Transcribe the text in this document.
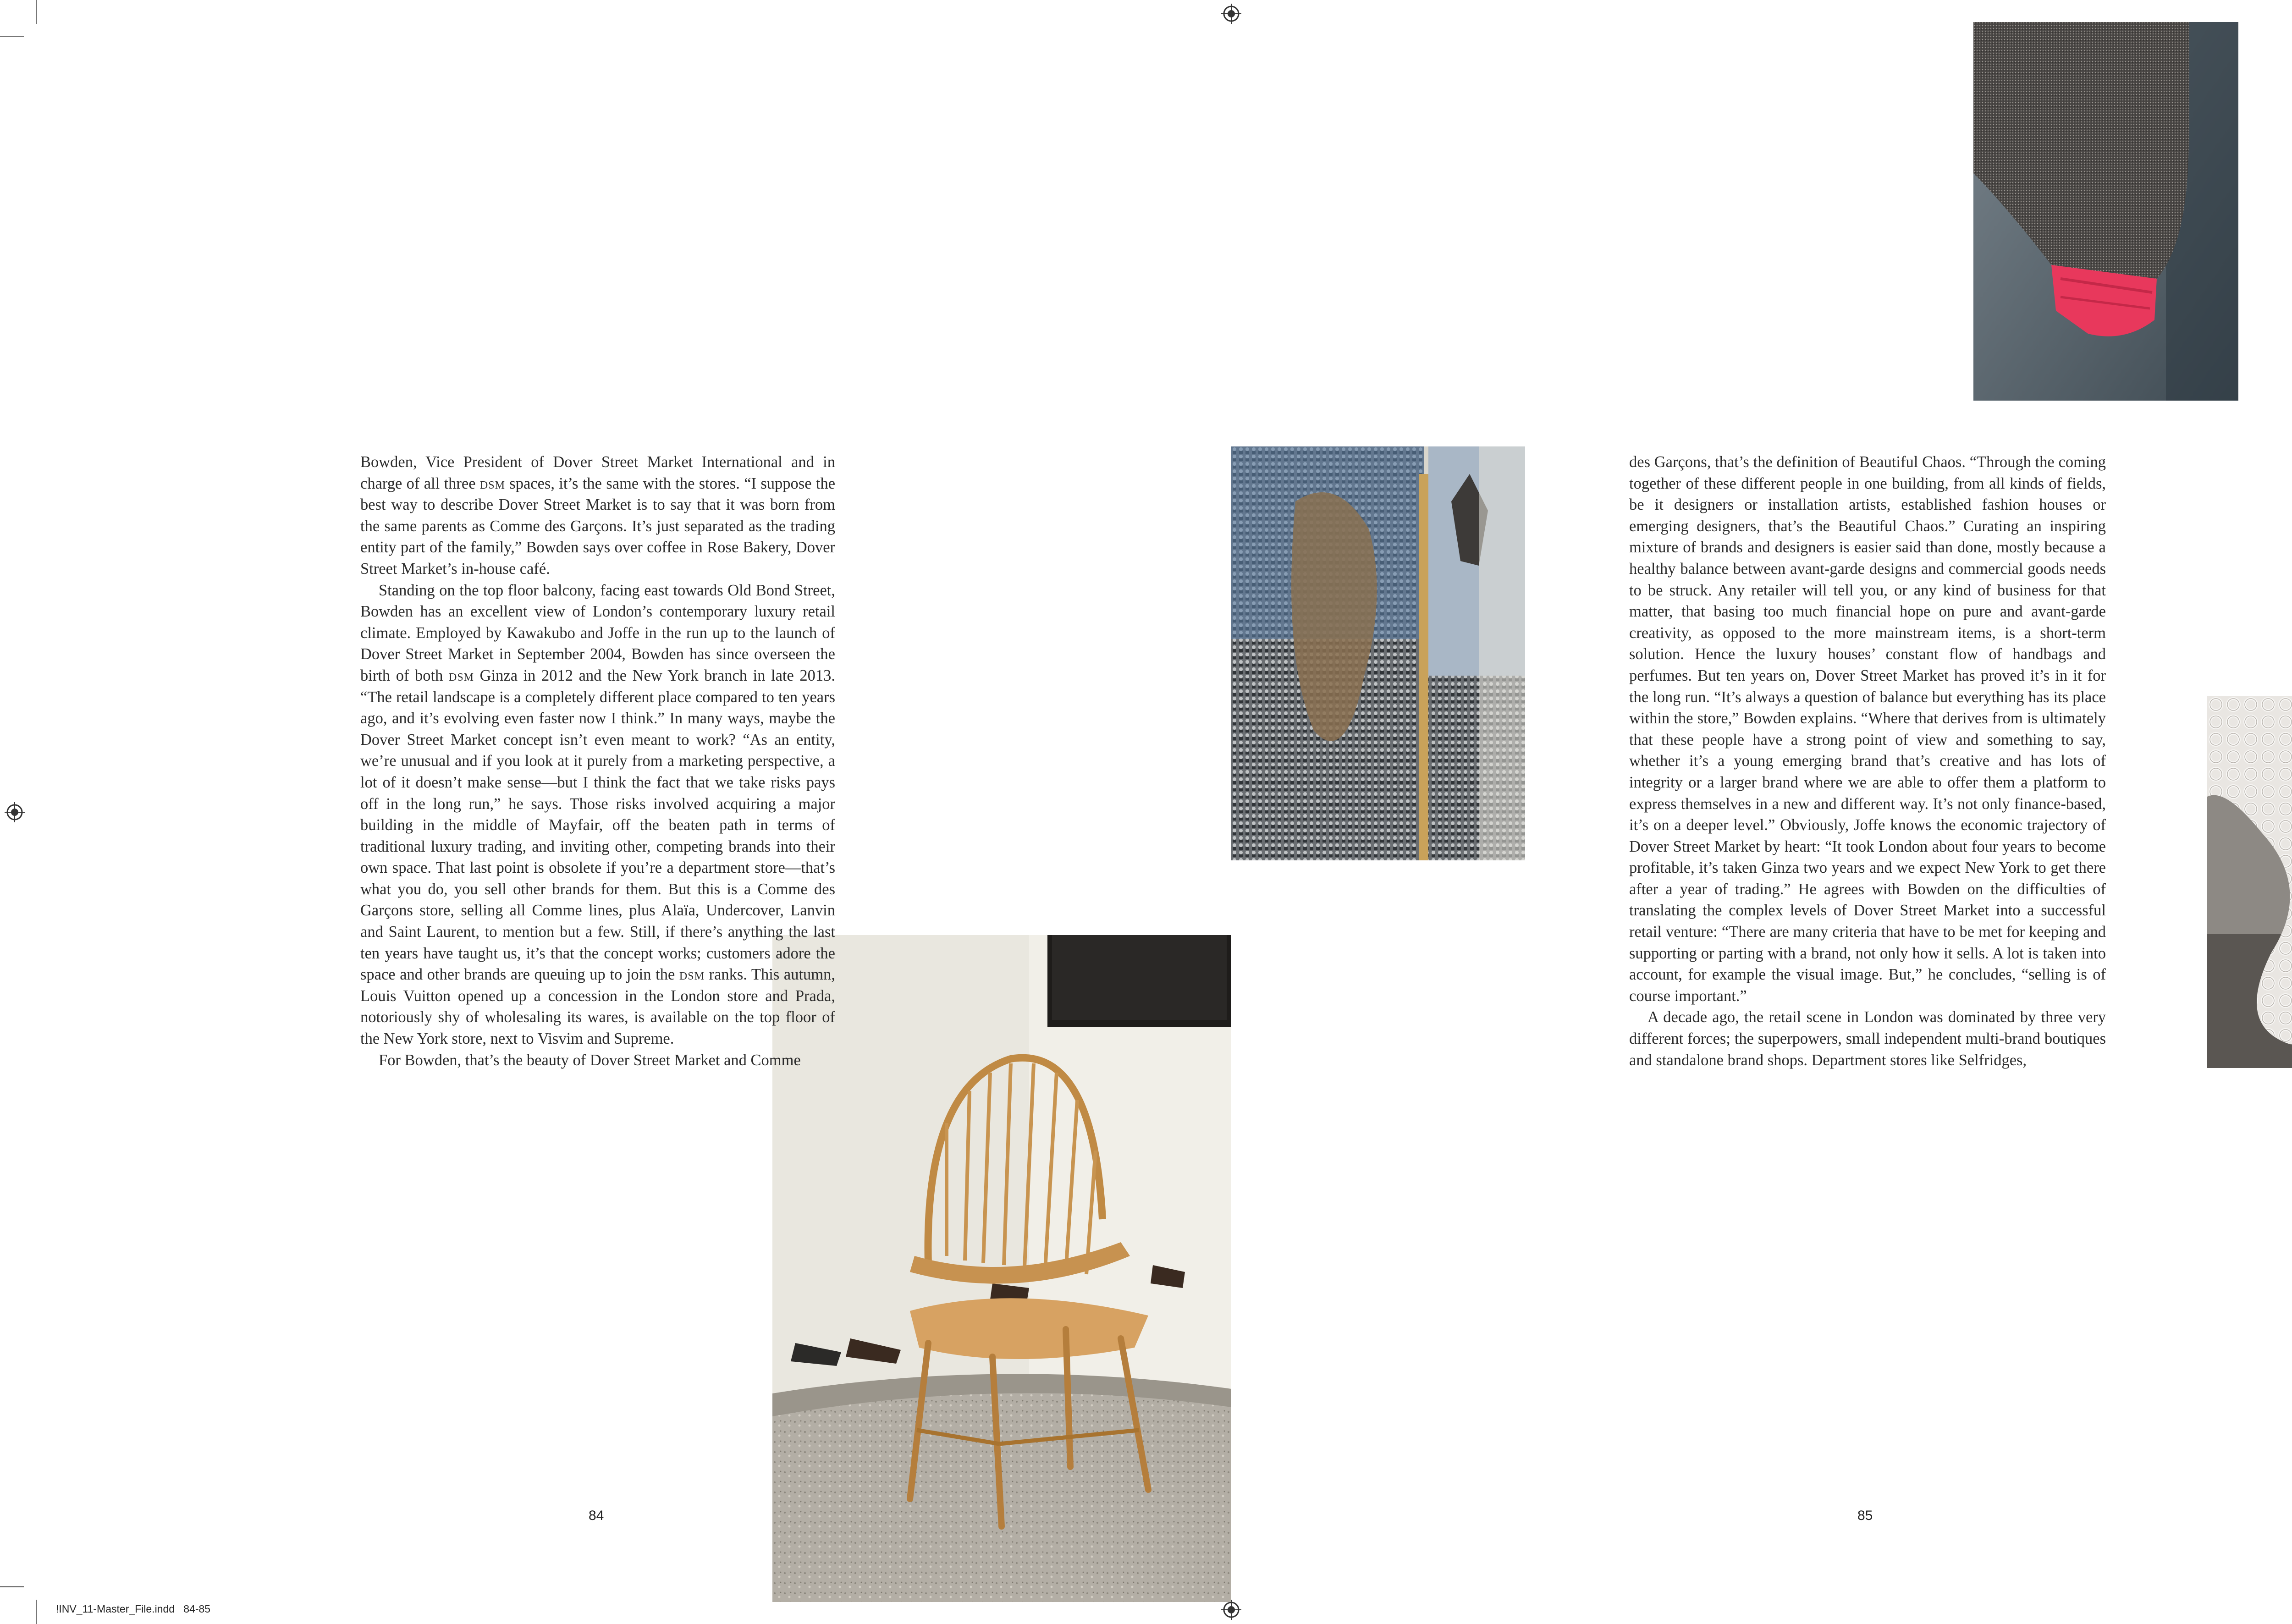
Bowden, Vice President of Dover Street Market International and in charge of all three dsm spaces, it’s the same with the stores. “I suppose the best way to describe Dover Street Market is to say that it was born from the same parents as Comme des Garçons. It’s just separated as the trading entity part of the family,” Bowden says over coffee in Rose Bakery, Dover Street Market’s in-house café.

Standing on the top floor balcony, facing east towards Old Bond Street, Bowden has an excellent view of London’s contemporary luxury retail climate. Employed by Kawakubo and Joffe in the run up to the launch of Dover Street Market in September 2004, Bowden has since overseen the birth of both dsm Ginza in 2012 and the New York branch in late 2013. “The retail landscape is a completely different place compared to ten years ago, and it’s evolving even faster now I think.” In many ways, maybe the Dover Street Market concept isn’t even meant to work? “As an entity, we’re unusual and if you look at it purely from a marketing perspective, a lot of it doesn’t make sense—but I think the fact that we take risks pays off in the long run,” he says. Those risks involved acquiring a major building in the middle of Mayfair, off the beaten path in terms of traditional luxury trading, and inviting other, competing brands into their own space. That last point is obsolete if you’re a department store—that’s what you do, you sell other brands for them. But this is a Comme des Garçons store, selling all Comme lines, plus Alaïa, Undercover, Lanvin and Saint Laurent, to mention but a few. Still, if there’s anything the last ten years have taught us, it’s that the concept works; customers adore the space and other brands are queuing up to join the dsm ranks. This autumn, Louis Vuitton opened up a concession in the London store and Prada, notoriously shy of wholesaling its wares, is available on the top floor of the New York store, next to Visvim and Supreme.

For Bowden, that’s the beauty of Dover Street Market and Comme

des Garçons, that’s the definition of Beautiful Chaos. “Through the coming together of these different people in one building, from all kinds of fields, be it designers or installation artists, established fashion houses or emerging designers, that’s the Beautiful Chaos.” Curating an inspiring mixture of brands and designers is easier said than done, mostly because a healthy balance between avant-garde designs and commercial goods needs to be struck. Any retailer will tell you, or any kind of business for that matter, that basing too much financial hope on pure and avant-garde creativity, as opposed to the more mainstream items, is a short-term solution. Hence the luxury houses’ constant flow of handbags and perfumes. But ten years on, Dover Street Market has proved it’s in it for the long run. “It’s always a question of balance but everything has its place within the store,” Bowden explains. “Where that derives from is ultimately that these people have a strong point of view and something to say, whether it’s a young emerging brand that’s creative and has lots of integrity or a larger brand where we are able to offer them a platform to express themselves in a new and different way. It’s not only finance-based, it’s on a deeper level.” Obviously, Joffe knows the economic trajectory of Dover Street Market by heart: “It took London about four years to become profitable, it’s taken Ginza two years and we expect New York to get there after a year of trading.” He agrees with Bowden on the difficulties of translating the complex levels of Dover Street Market into a successful retail venture: “There are many criteria that have to be met for keeping and supporting or parting with a brand, not only how it sells. A lot is taken into account, for example the visual image. But,” he concludes, “selling is of course important.”

A decade ago, the retail scene in London was dominated by three very different forces; the superpowers, small independent multi-brand boutiques and standalone brand shops. Department stores like Selfridges,

84	85
!INV_11-Master_File.indd   84-85
